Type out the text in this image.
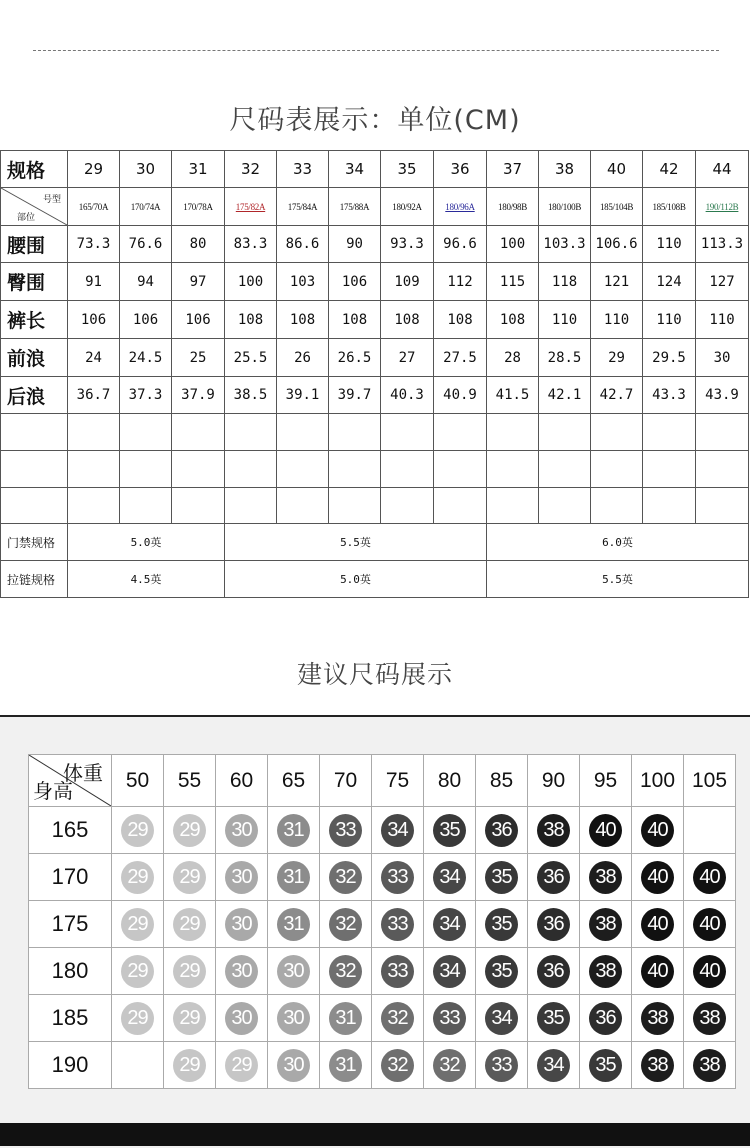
尺码表展示：单位(CM)
规格	29	30	31	32	33	34	35	36	37	38	40	42	44

号型
部位	165/70A	170/74A	170/78A	175/82A	175/84A	175/88A	180/92A	180/96A	180/98B	180/100B	185/104B	185/108B	190/112B
腰围	73.3	76.6	80	83.3	86.6	90	93.3	96.6	100	103.3	106.6	110	113.3
臀围	91	94	97	100	103	106	109	112	115	118	121	124	127
裤长	106	106	106	108	108	108	108	108	108	110	110	110	110
前浪	24	24.5	25	25.5	26	26.5	27	27.5	28	28.5	29	29.5	30
后浪	36.7	37.3	37.9	38.5	39.1	39.7	40.3	40.9	41.5	42.1	42.7	43.3	43.9

门禁规格	5.0英			5.5英					6.0英				
拉链规格	4.5英			5.0英					5.5英				
建议尺码展示
体重
身高	50	55	60	65	70	75	80	85	90	95	100	105
165	29	29	30	31	33	34	35	36	38	40	40	
170	29	29	30	31	32	33	34	35	36	38	40	40
175	29	29	30	31	32	33	34	35	36	38	40	40
180	29	29	30	30	32	33	34	35	36	38	40	40
185	29	29	30	30	31	32	33	34	35	36	38	38
190		29	29	30	31	32	32	33	34	35	38	38
